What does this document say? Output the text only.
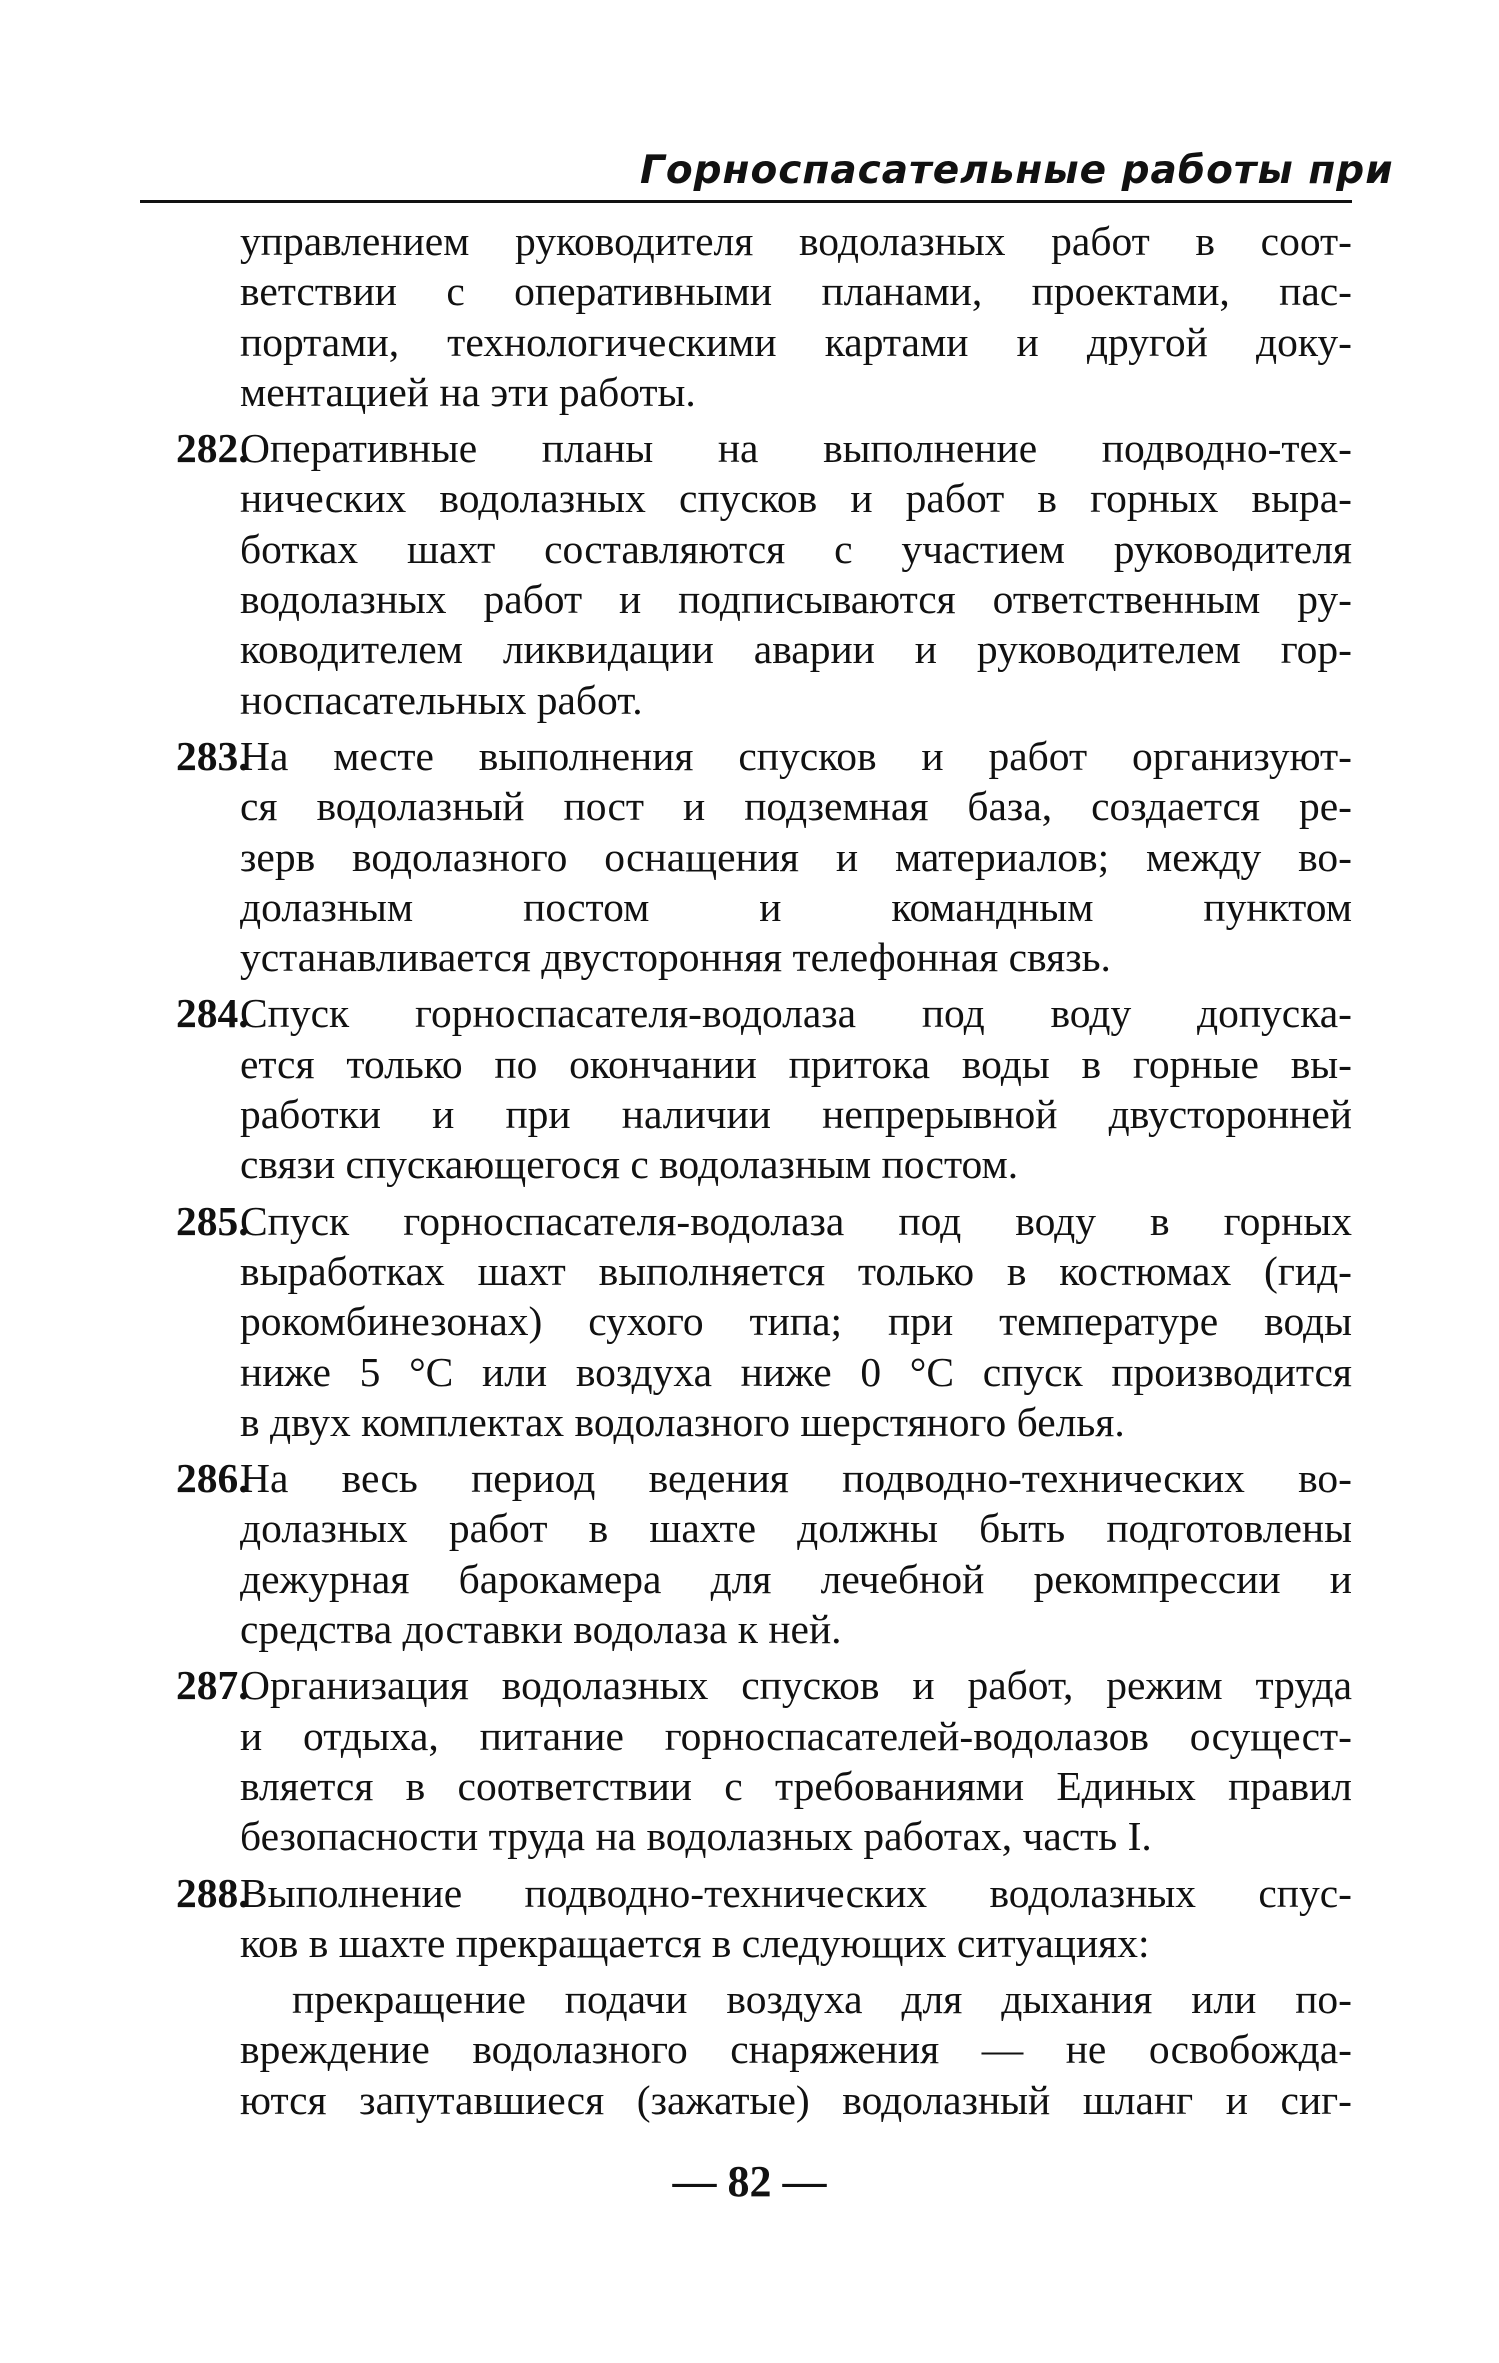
Горноспасательные работы при
управлением руководителя водолазных работ в соот-
ветствии с оперативными планами, проектами, пас-
портами, технологическими картами и другой доку-
ментацией на эти работы.
282.
Оперативные планы на выполнение подводно-тех-
нических водолазных спусков и работ в горных выра-
ботках шахт составляются с участием руководителя
водолазных работ и подписываются ответственным ру-
ководителем ликвидации аварии и руководителем гор-
носпасательных работ.
283.
На месте выполнения спусков и работ организуют-
ся водолазный пост и подземная база, создается ре-
зерв водолазного оснащения и материалов; между во-
долазным постом и командным пунктом
устанавливается двусторонняя телефонная связь.
284.
Спуск горноспасателя-водолаза под воду допуска-
ется только по окончании притока воды в горные вы-
работки и при наличии непрерывной двусторонней
связи спускающегося с водолазным постом.
285.
Спуск горноспасателя-водолаза под воду в горных
выработках шахт выполняется только в костюмах (гид-
рокомбинезонах) сухого типа; при температуре воды
ниже 5 °С или воздуха ниже 0 °С спуск производится
в двух комплектах водолазного шерстяного белья.
286.
На весь период ведения подводно-технических во-
долазных работ в шахте должны быть подготовлены
дежурная барокамера для лечебной рекомпрессии и
средства доставки водолаза к ней.
287.
Организация водолазных спусков и работ, режим труда
и отдыха, питание горноспасателей-водолазов осущест-
вляется в соответствии с требованиями Единых правил
безопасности труда на водолазных работах, часть I.
288.
Выполнение подводно-технических водолазных спус-
ков в шахте прекращается в следующих ситуациях:
прекращение подачи воздуха для дыхания или по-
вреждение водолазного снаряжения — не освобожда-
ются запутавшиеся (зажатые) водолазный шланг и сиг-
— 82 —
